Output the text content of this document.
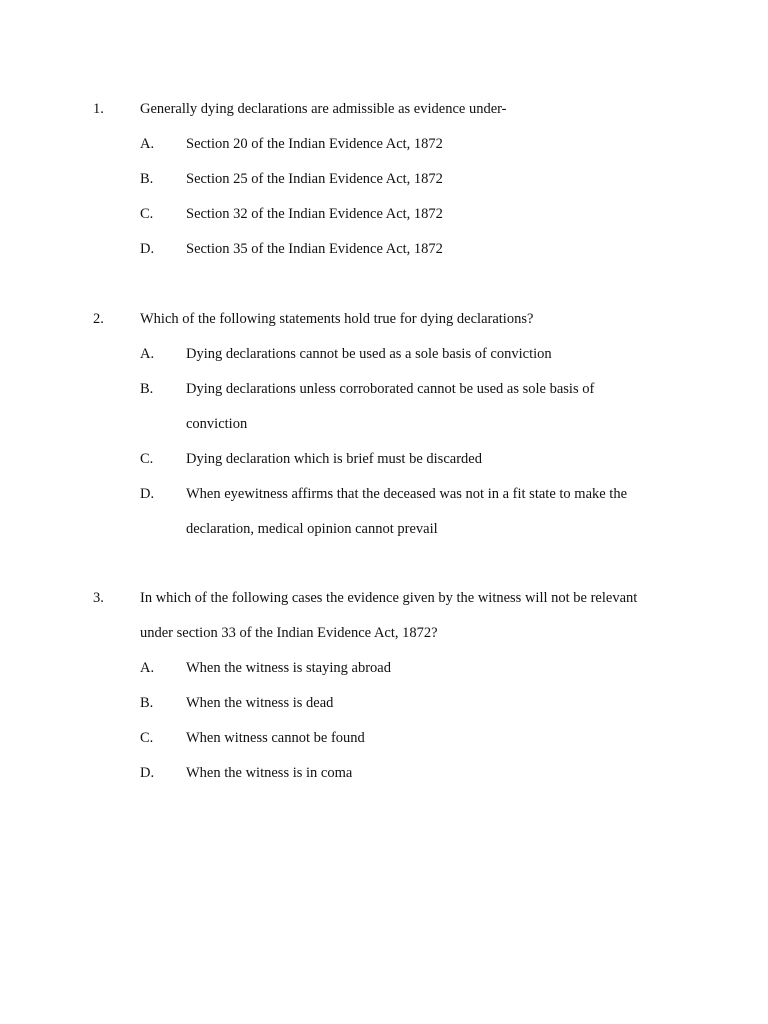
1. Generally dying declarations are admissible as evidence under-
A. Section 20 of the Indian Evidence Act, 1872
B. Section 25 of the Indian Evidence Act, 1872
C. Section 32 of the Indian Evidence Act, 1872
D. Section 35 of the Indian Evidence Act, 1872
2. Which of the following statements hold true for dying declarations?
A. Dying declarations cannot be used as a sole basis of conviction
B. Dying declarations unless corroborated cannot be used as sole basis of
conviction
C. Dying declaration which is brief must be discarded
D. When eyewitness affirms that the deceased was not in a fit state to make the
declaration, medical opinion cannot prevail
3. In which of the following cases the evidence given by the witness will not be relevant
under section 33 of the Indian Evidence Act, 1872?
A. When the witness is staying abroad
B. When the witness is dead
C. When witness cannot be found
D. When the witness is in coma
